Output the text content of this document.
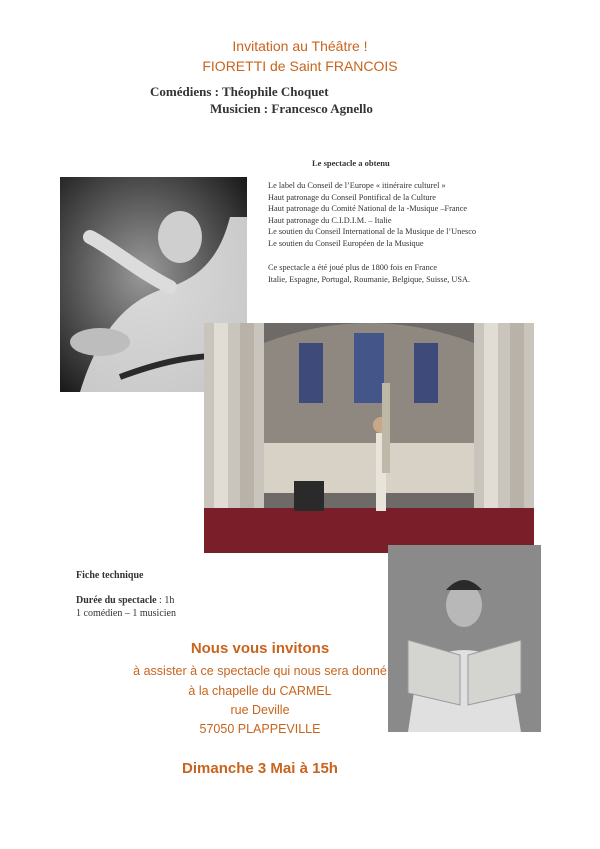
Invitation au Théâtre !
FIORETTI de Saint FRANCOIS
Comédiens : Théophile Choquet
Musicien : Francesco Agnello
Le spectacle a obtenu
Le label du Conseil de l’Europe « itinéraire culturel »
Haut patronage du Conseil Pontifical de la Culture
Haut patronage du Comité National de la -Musique –France
Haut patronage du C.I.D.I.M. – Italie
Le soutien du Conseil International de la Musique de l’Unesco
Le soutien du Conseil Européen de la Musique
Ce spectacle a été joué plus de 1800 fois en France
Italie, Espagne, Portugal, Roumanie, Belgique, Suisse, USA.
Fiche technique
Durée du spectacle : 1h
1 comédien – 1 musicien
Nous vous invitons
à assister à ce spectacle qui nous sera donné
à la chapelle du CARMEL
rue Deville
57050 PLAPPEVILLE
Dimanche 3 Mai à 15h
